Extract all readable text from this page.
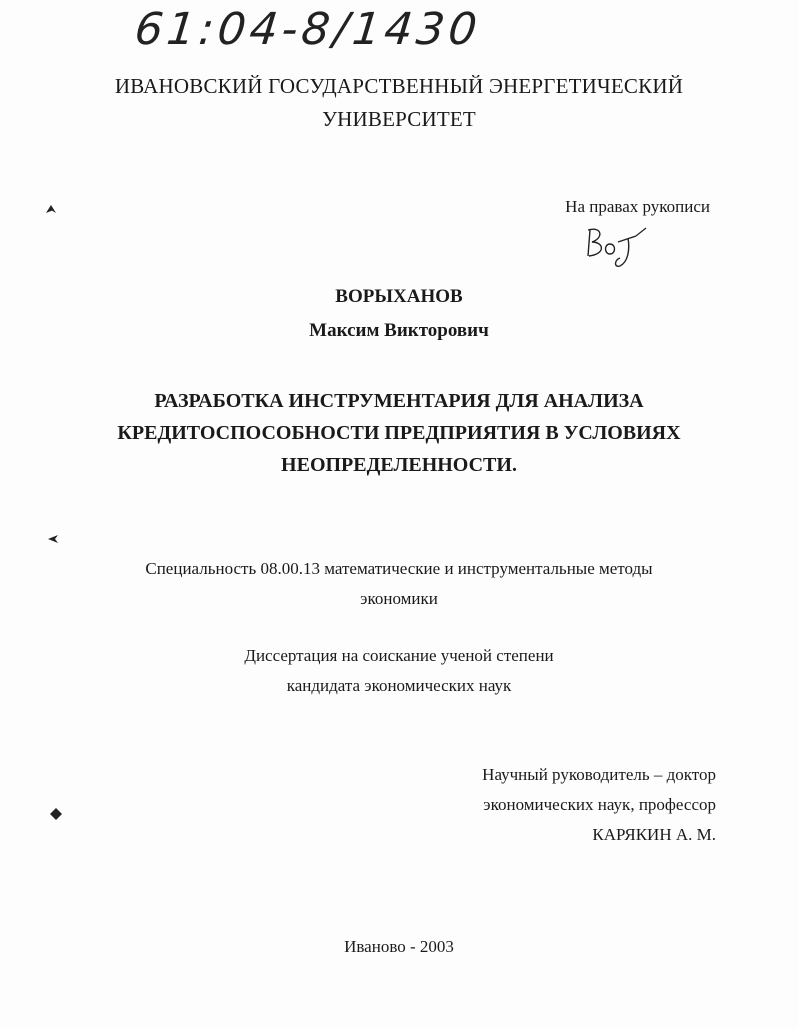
61:04-8/1430
ИВАНОВСКИЙ ГОСУДАРСТВЕННЫЙ ЭНЕРГЕТИЧЕСКИЙ
УНИВЕРСИТЕТ
На правах рукописи
ВОРЫХАНОВ
Максим Викторович
РАЗРАБОТКА ИНСТРУМЕНТАРИЯ ДЛЯ АНАЛИЗА
КРЕДИТОСПОСОБНОСТИ ПРЕДПРИЯТИЯ В УСЛОВИЯХ
НЕОПРЕДЕЛЕННОСТИ.
Специальность 08.00.13 математические и инструментальные методы
экономики
Диссертация на соискание ученой степени
кандидата экономических наук
Научный руководитель – доктор
экономических наук, профессор
КАРЯКИН А. М.
Иваново - 2003
